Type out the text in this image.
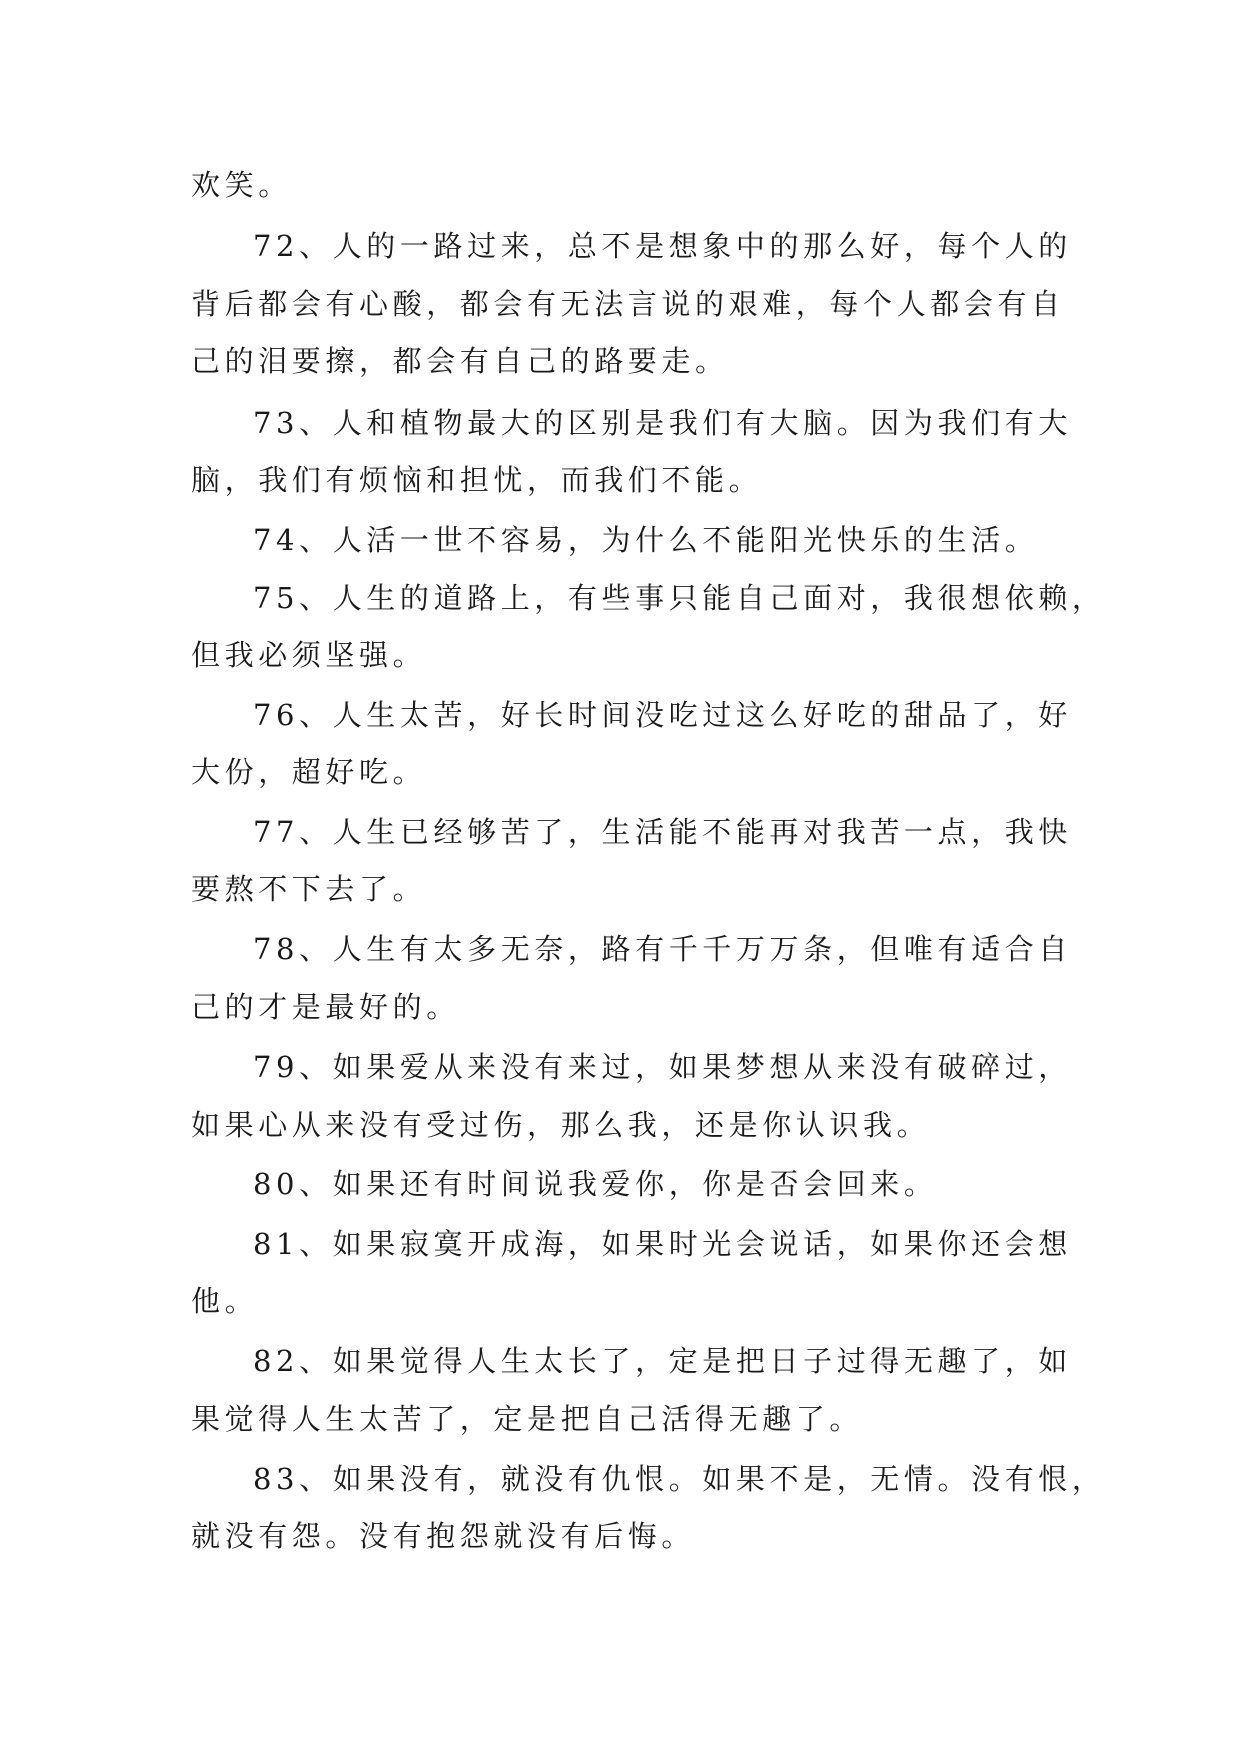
欢笑。
72、人的一路过来，总不是想象中的那么好，每个人的
背后都会有心酸，都会有无法言说的艰难，每个人都会有自
己的泪要擦，都会有自己的路要走。
73、人和植物最大的区别是我们有大脑。因为我们有大
脑，我们有烦恼和担忧，而我们不能。
74、人活一世不容易，为什么不能阳光快乐的生活。
75、人生的道路上，有些事只能自己面对，我很想依赖，
但我必须坚强。
76、人生太苦，好长时间没吃过这么好吃的甜品了，好
大份，超好吃。
77、人生已经够苦了，生活能不能再对我苦一点，我快
要熬不下去了。
78、人生有太多无奈，路有千千万万条，但唯有适合自
己的才是最好的。
79、如果爱从来没有来过，如果梦想从来没有破碎过，
如果心从来没有受过伤，那么我，还是你认识我。
80、如果还有时间说我爱你，你是否会回来。
81、如果寂寞开成海，如果时光会说话，如果你还会想
他。
82、如果觉得人生太长了，定是把日子过得无趣了，如
果觉得人生太苦了，定是把自己活得无趣了。
83、如果没有，就没有仇恨。如果不是，无情。没有恨，
就没有怨。没有抱怨就没有后悔。
